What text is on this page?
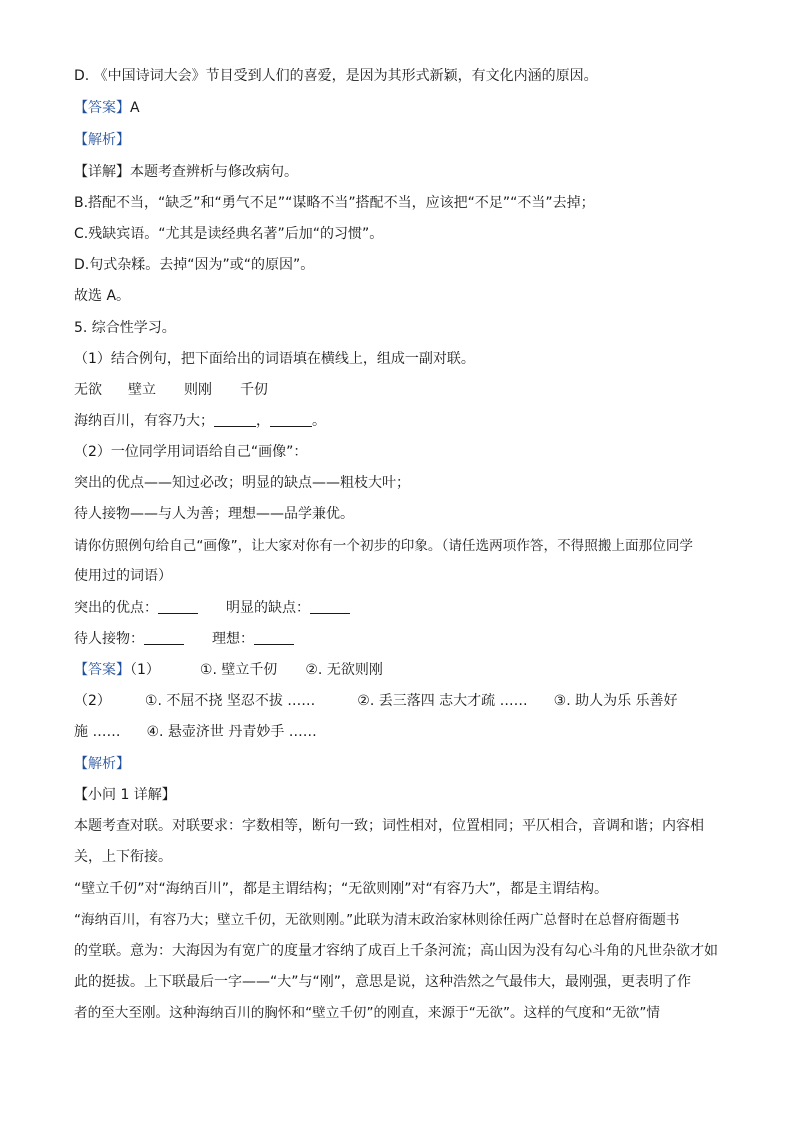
D. 《中国诗词大会》节目受到人们的喜爱，是因为其形式新颖，有文化内涵的原因。
【答案】A
【解析】
【详解】本题考查辨析与修改病句。
B.搭配不当，“缺乏”和“勇气不足”“谋略不当”搭配不当，应该把“不足”“不当”去掉；
C.残缺宾语。“尤其是读经典名著”后加“的习惯”。
D.句式杂糅。去掉“因为”或“的原因”。
故选 A。
5. 综合性学习。
（1）结合例句，把下面给出的词语填在横线上，组成一副对联。
无欲 壁立 则刚 千仞
海纳百川，有容乃大；	，	。
（2）一位同学用词语给自己“画像”：
突出的优点——知过必改；明显的缺点——粗枝大叶；
待人接物——与人为善；理想——品学兼优。
请你仿照例句给自己“画像”，让大家对你有一个初步的印象。（请任选两项作答，不得照搬上面那位同学
使用过的词语）
突出的优点：	明显的缺点：
待人接物：	理想：
【答案】（1）	①. 壁立千仞 ②. 无欲则刚
（2） ①. 不屈不挠 坚忍不拔 ……	②. 丢三落四 志大才疏 …… ③. 助人为乐 乐善好
施 …… ④. 悬壶济世 丹青妙手 ……
【解析】
【小问 1 详解】
本题考查对联。对联要求：字数相等，断句一致；词性相对，位置相同；平仄相合，音调和谐；内容相
关，上下衔接。
“壁立千仞”对“海纳百川”，都是主谓结构；“无欲则刚”对“有容乃大”，都是主谓结构。
“海纳百川，有容乃大；壁立千仞，无欲则刚。”此联为清末政治家林则徐任两广总督时在总督府衙题书
的堂联。意为：大海因为有宽广的度量才容纳了成百上千条河流；高山因为没有勾心斗角的凡世杂欲才如
此的挺拔。上下联最后一字——“大”与“刚”，意思是说，这种浩然之气最伟大，最刚强，更表明了作
者的至大至刚。这种海纳百川的胸怀和“壁立千仞”的刚直，来源于“无欲”。这样的气度和“无欲”情
